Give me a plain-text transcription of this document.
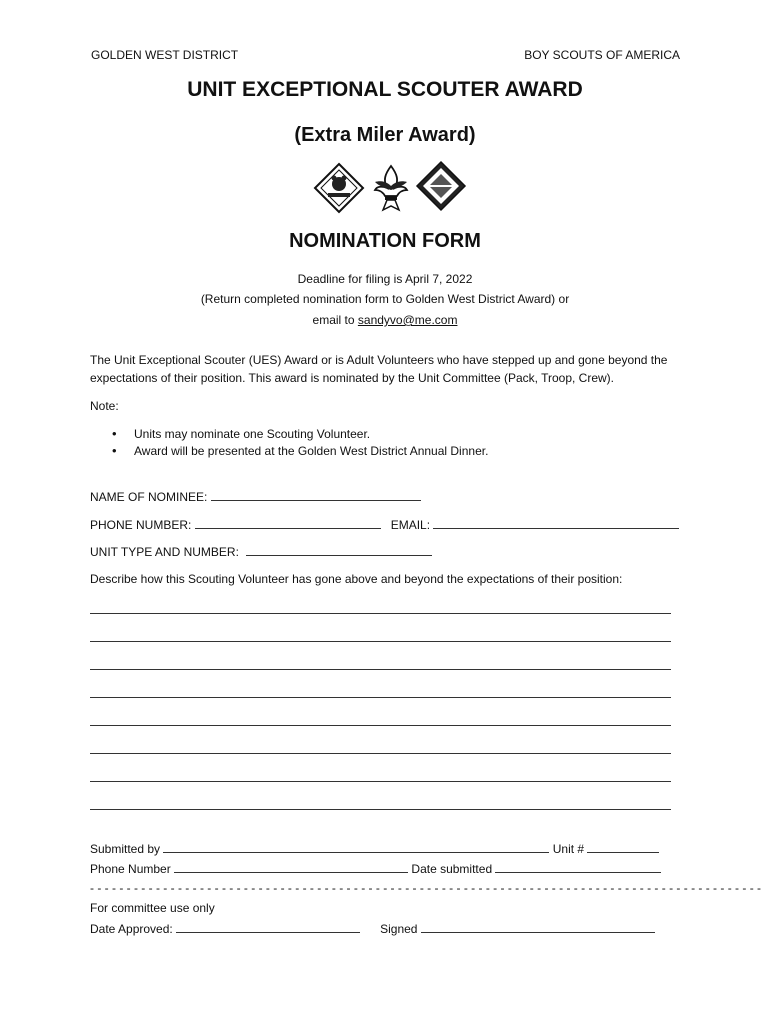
GOLDEN WEST DISTRICT	BOY SCOUTS OF AMERICA
UNIT EXCEPTIONAL SCOUTER AWARD
(Extra Miler Award)
NOMINATION FORM
Deadline for filing is April 7, 2022
(Return completed nomination form to Golden West District Award) or
email to sandyvo@me.com
The Unit Exceptional Scouter (UES) Award or is Adult Volunteers who have stepped up and gone beyond the expectations of their position. This award is nominated by the Unit Committee (Pack, Troop, Crew).
Note:
• Units may nominate one Scouting Volunteer.
• Award will be presented at the Golden West District Annual Dinner.
NAME OF NOMINEE:
PHONE NUMBER:	EMAIL:
UNIT TYPE AND NUMBER:
Describe how this Scouting Volunteer has gone above and beyond the expectations of their position:
Submitted by	Unit #
Phone Number	Date submitted
- - - - - - - - - - - - - - - - - - - - - - - - - - - - - - - - - - - - - - - - - - - - - - - - - - - - - - - - - - - - - - - - - - - - - - - - - - - - - - - - - - - - - - - - - - - -
For committee use only
Date Approved:	Signed
